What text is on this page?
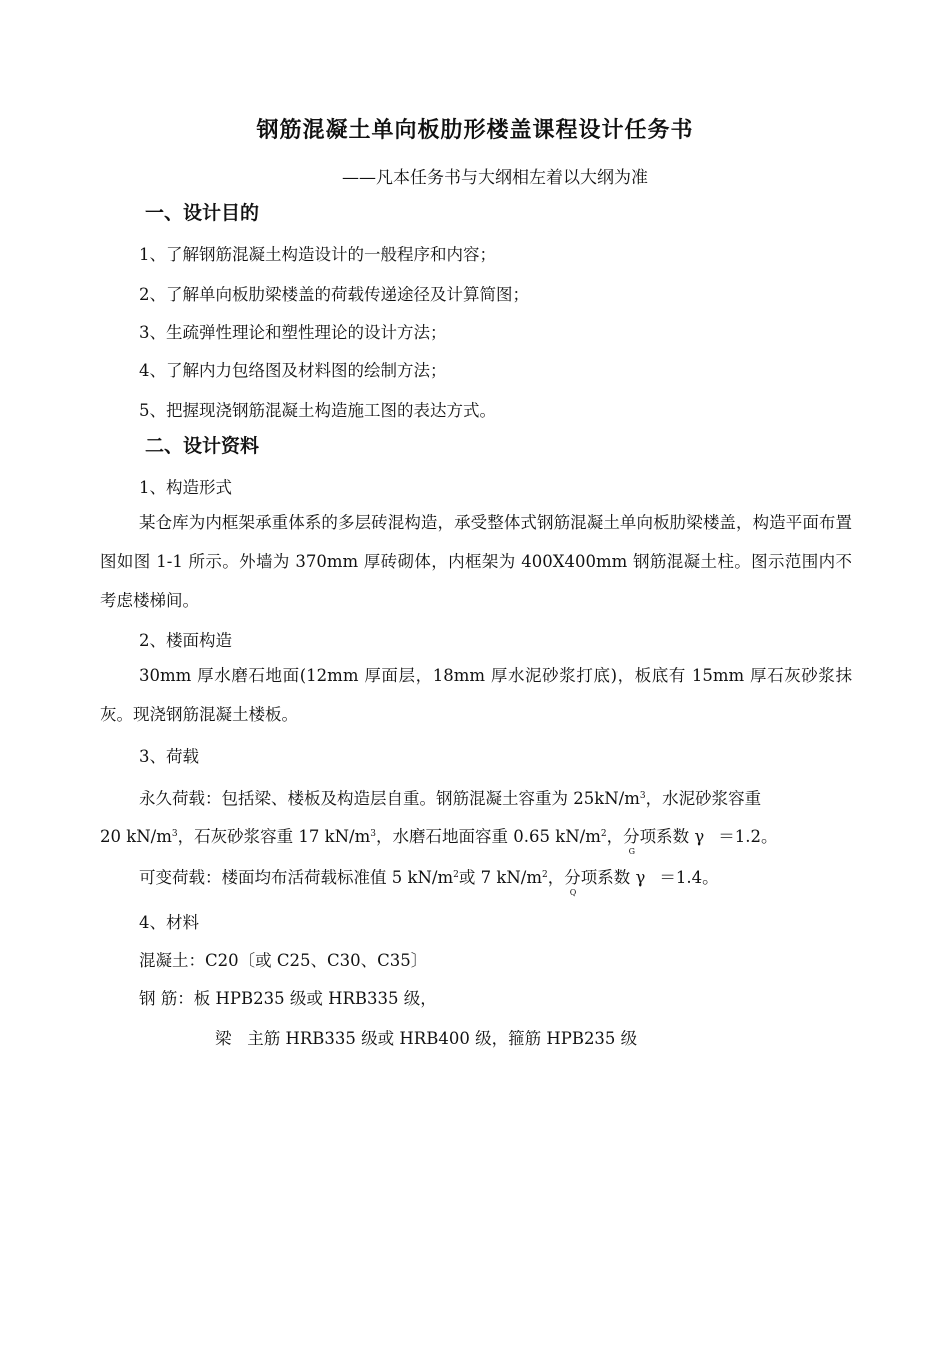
钢筋混凝土单向板肋形楼盖课程设计任务书
——凡本任务书与大纲相左着以大纲为准
一、设计目的
1、了解钢筋混凝土构造设计的一般程序和内容；
2、了解单向板肋梁楼盖的荷载传递途径及计算简图；
3、生疏弹性理论和塑性理论的设计方法；
4、了解内力包络图及材料图的绘制方法；
5、把握现浇钢筋混凝土构造施工图的表达方式。
二、设计资料
1、构造形式
某仓库为内框架承重体系的多层砖混构造，承受整体式钢筋混凝土单向板肋梁楼盖，构造平面布置图如图 1-1 所示。外墙为 370mm 厚砖砌体，内框架为 400X400mm 钢筋混凝土柱。图示范围内不考虑楼梯间。
2、楼面构造
30mm 厚水磨石地面(12mm 厚面层，18mm 厚水泥砂浆打底)，板底有 15mm 厚石灰砂浆抹灰。现浇钢筋混凝土楼板。
3、荷载
永久荷载：包括梁、楼板及构造层自重。钢筋混凝土容重为 $25kN/m^3$，水泥砂浆容重
20 $kN/m^3$，石灰砂浆容重 17 $kN/m^3$，水磨石地面容重 0.65 $kN/m^2$，分项系数 γ
G
＝1.2。
可变荷载：楼面均布活荷载标准值 5 $kN/m^2$或 7 $kN/m^2$，分项系数 γ
Q
＝1.4。
4、材料
混凝土：C20〔或 C25、C30、C35〕
钢 筋：板 HPB235 级或 HRB335 级，
梁   主筋 HRB335 级或 HRB400 级，箍筋 HPB235 级
